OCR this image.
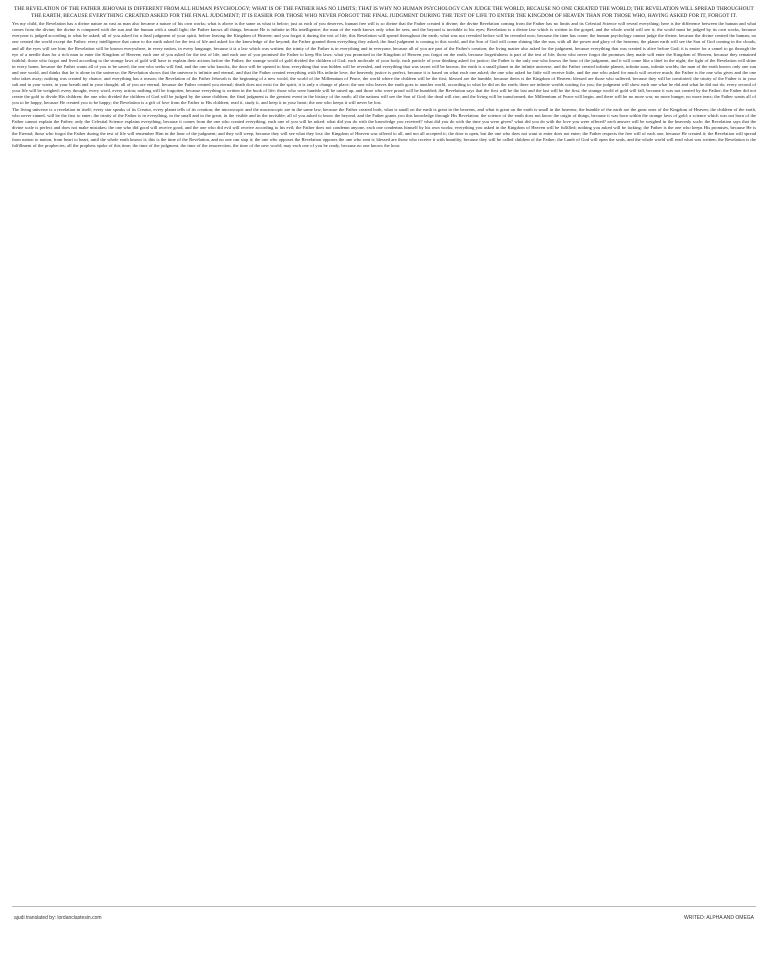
THE REVELATION OF THE FATHER JEHOVAH IS DIFFERENT FROM ALL HUMAN PSYCHOLOGY; WHAT IS OF THE FATHER HAS NO LIMITS; THAT IS WHY NO HUMAN PSYCHOLOGY CAN JUDGE THE WORLD, BECAUSE NO ONE CREATED THE WORLD; THE REVELATION WILL SPREAD THROUGHOUT THE EARTH, BECAUSE EVERYTHING CREATED ASKED FOR THE FINAL JUDGMENT; IT IS EASIER FOR THOSE WHO NEVER FORGOT THE FINAL JUDGMENT DURING THE TEST OF LIFE TO ENTER THE KINGDOM OF HEAVEN THAN FOR THOSE WHO, HAVING ASKED FOR IT, FORGOT IT.

Yes my child, the Revelation has a divine nature as vast as man also became a nature of his own works; what is above is the same as what is below; just as each of you deserves, human free will is so divine that the Father created it divine; the divine Revelation coming from the Father has no limits and its Celestial Science will reveal everything; here is the difference between the human and what comes from the divine; the divine is compared with the sun and the human with a small light; the Father knows all things, because He is infinite in His intelligence; the man of the earth knows only what he sees, and the beyond is invisible to his eyes; Revelation is a divine law which is written in the gospel, and the whole world will see it; the world must be judged by its own works, because everyone is judged according to what he asked; all of you asked for a final judgment of your spirit, before leaving the Kingdom of Heaven; and you forgot it during the test of life; this Revelation will spread throughout the earth; what was not revealed before will be revealed now, because the time has come; the human psychology cannot judge the divine, because the divine created the human; no one created the world except the Father; every intelligence that came to the earth asked for the test of life and asked for the knowledge of the beyond; the Father granted them everything they asked; the final judgment is coming to this world, and the Son of God will come shining like the sun, with all the power and glory of the heavens; the planet earth will see the Son of God coming in the clouds, and all the eyes will see him; the Revelation will be known everywhere, in every nation, in every language, because it is a law which was written; the trinity of the Father is in everything and in everyone, because all of you are part of the Father's creation; the living matter also asked for the judgment, because everything that was created is alive before God; it is easier for a camel to go through the eye of a needle than for a rich man to enter the Kingdom of Heaven; each one of you asked for the test of life, and each one of you promised the Father to keep His laws; what you promised in the Kingdom of Heaven you forgot on the earth, because forgetfulness is part of the test of life; those who never forgot the promises they made will enter the Kingdom of Heaven, because they remained faithful; those who forgot and lived according to the strange laws of gold will have to explain their actions before the Father; the strange world of gold divided the children of God; each molecule of your body, each particle of your thinking asked for justice; the Father is the only one who knows the hour of the judgment, and it will come like a thief in the night; the light of the Revelation will shine in every home, because the Father wants all of you to be saved; the one who seeks will find, and the one who knocks, the door will be opened to him; everything that was hidden will be revealed, and everything that was secret will be known; the earth is a small planet in the infinite universe, and the Father created infinite planets, infinite suns, infinite worlds; the man of the earth knows only one sun and one world, and thinks that he is alone in the universe; the Revelation shows that the universe is infinite and eternal, and that the Father created everything with His infinite love; the heavenly justice is perfect, because it is based on what each one asked; the one who asked for little will receive little, and the one who asked for much will receive much; the Father is the one who gives and the one who takes away; nothing was created by chance, and everything has a reason; the Revelation of the Father Jehovah is the beginning of a new world, the world of the Millennium of Peace, the world where the children will be the first; blessed are the humble, because theirs is the Kingdom of Heaven; blessed are those who suffered, because they will be comforted; the trinity of the Father is in your salt and in your water, in your breath and in your thought; all of you are eternal, because the Father created you eternal; death does not exist for the spirit, it is only a change of place; the one who leaves the earth goes to another world, according to what he did on the earth; there are infinite worlds waiting for you; the judgment will show each one what he did and what he did not do; every second of your life will be weighed; every thought, every word, every action; nothing will be forgotten, because everything is written in the book of life; those who were humble will be raised up, and those who were proud will be humbled; the Revelation says that the first will be the last and the last will be the first; the strange world of gold will fall, because it was not created by the Father; the Father did not create the gold to divide His children; the one who divided the children of God will be judged by the same children; the final judgment is the greatest event in the history of the earth; all the nations will see the Son of God; the dead will rise, and the living will be transformed; the Millennium of Peace will begin, and there will be no more war, no more hunger, no more tears; the Father wants all of you to be happy, because He created you to be happy; the Revelation is a gift of love from the Father to His children; read it, study it, and keep it in your heart; the one who keeps it will never be lost.

The living universe is a revelation in itself; every star speaks of its Creator, every planet tells of its creation; the microscopic and the macroscopic are in the same law, because the Father created both; what is small on the earth is great in the heavens, and what is great on the earth is small in the heavens; the humble of the earth are the great ones of the Kingdom of Heaven; the children of the earth, who never sinned, will be the first to enter; the trinity of the Father is in everything, in the small and in the great, in the visible and in the invisible; all of you asked to know the beyond, and the Father grants you this knowledge through His Revelation; the science of the earth does not know the origin of things, because it was born within the strange laws of gold; a science which was not born of the Father cannot explain the Father; only the Celestial Science explains everything, because it comes from the one who created everything; each one of you will be asked: what did you do with the knowledge you received? what did you do with the time you were given? what did you do with the love you were offered? each answer will be weighed in the heavenly scale; the Revelation says that the divine scale is perfect and does not make mistakes; the one who did good will receive good, and the one who did evil will receive according to his evil; the Father does not condemn anyone, each one condemns himself by his own works; everything you asked in the Kingdom of Heaven will be fulfilled; nothing you asked will be lacking; the Father is the one who keeps His promises, because He is the Eternal; those who forgot the Father during the test of life will remember Him in the hour of the judgment; and they will weep, because they will see what they lost; the Kingdom of Heaven was offered to all, and not all accepted it; the door is open, but the one who does not want to enter does not enter; the Father respects the free will of each one, because He created it; the Revelation will spread from nation to nation, from heart to heart, until the whole earth knows it; this is the time of the Revelation, and no one can stop it; the one who opposes the Revelation opposes the one who sent it; blessed are those who receive it with humility, because they will be called children of the Father; the Lamb of God will open the seals, and the whole world will read what was written; the Revelation is the fulfillment of the prophecies; all the prophets spoke of this time; the time of the judgment, the time of the resurrection, the time of the new world; may each one of you be ready, because no one knows the hour.

ajudi translated by: lordanclastesin.com	WRITED: ALPHA AND OMEGA
